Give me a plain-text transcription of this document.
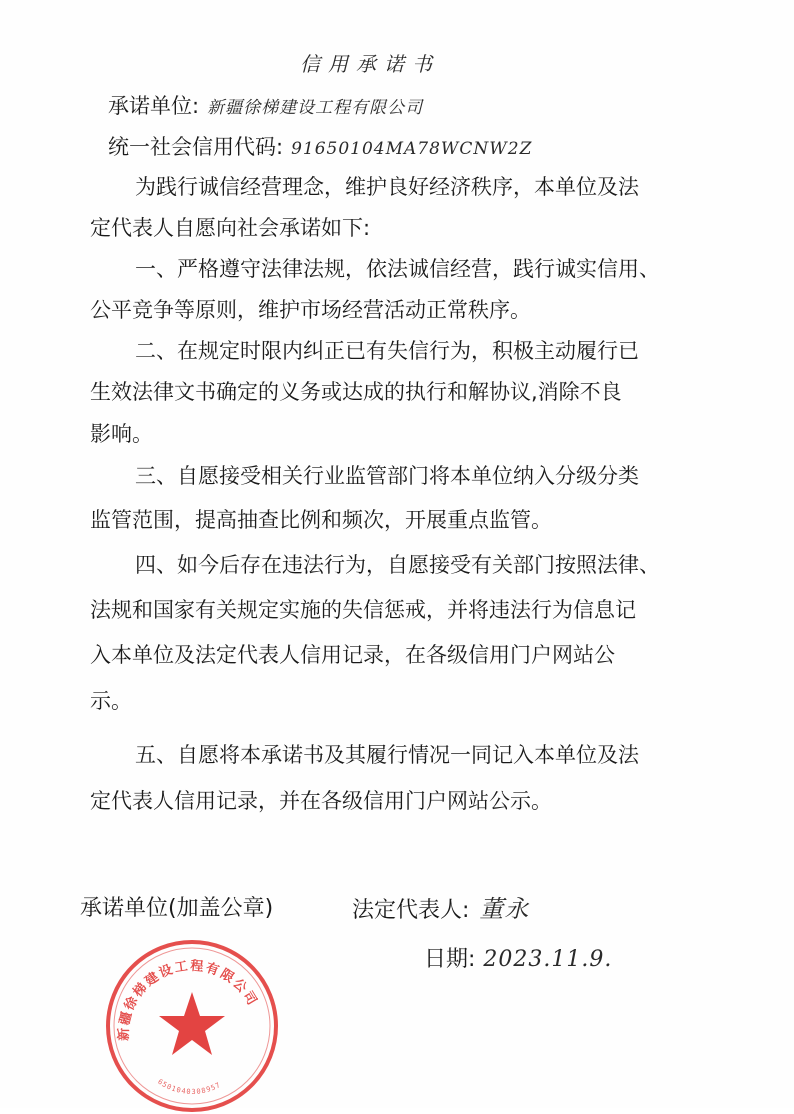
信用承诺书
承诺单位: 新疆徐梯建设工程有限公司
统一社会信用代码: 91650104MA78WCNW2Z
为践行诚信经营理念，维护良好经济秩序，本单位及法
定代表人自愿向社会承诺如下:
一、严格遵守法律法规，依法诚信经营，践行诚实信用、
公平竞争等原则，维护市场经营活动正常秩序。
二、在规定时限内纠正已有失信行为，积极主动履行已
生效法律文书确定的义务或达成的执行和解协议,消除不良
影响。
三、自愿接受相关行业监管部门将本单位纳入分级分类
监管范围，提高抽查比例和频次，开展重点监管。
四、如今后存在违法行为，自愿接受有关部门按照法律、
法规和国家有关规定实施的失信惩戒，并将违法行为信息记
入本单位及法定代表人信用记录，在各级信用门户网站公
示。
五、自愿将本承诺书及其履行情况一同记入本单位及法
定代表人信用记录，并在各级信用门户网站公示。
承诺单位(加盖公章)	法定代表人: 董永
日期: 2023.11.9.
新疆徐梯建设工程有限公司
6501040308957
